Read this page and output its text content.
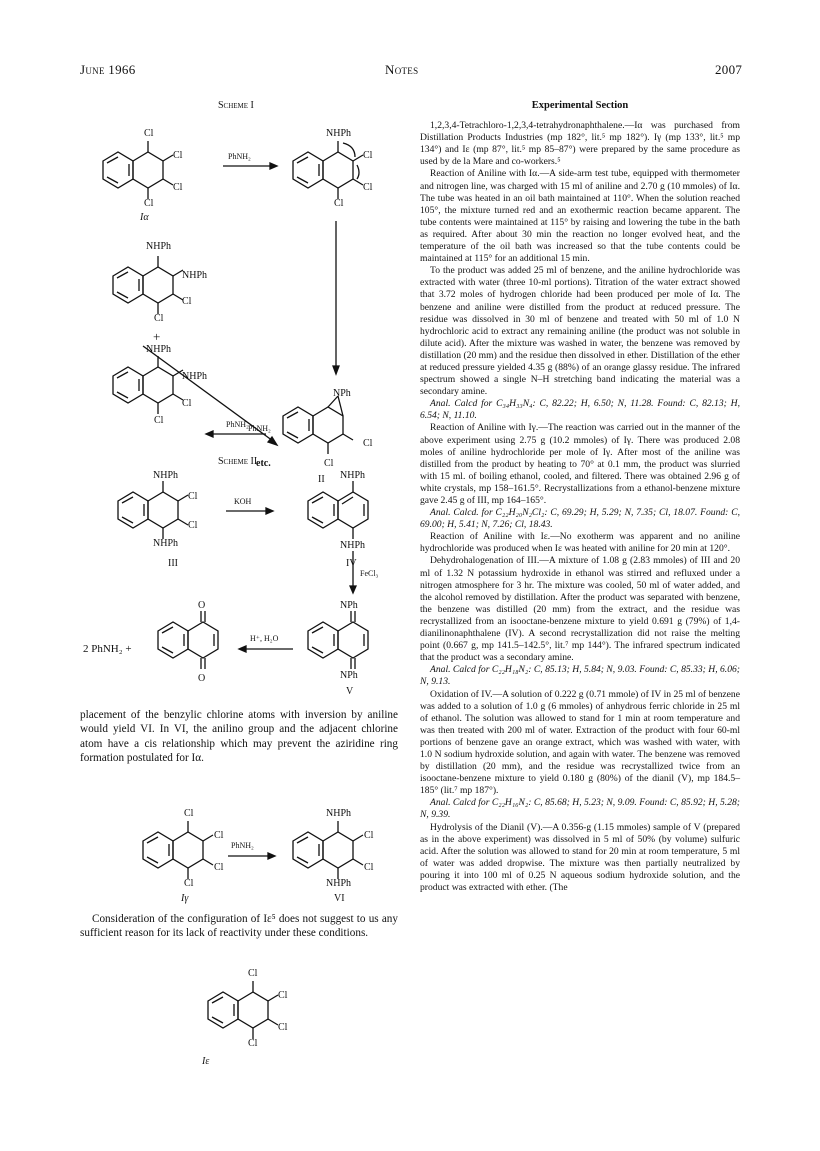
June 1966	Notes	2007
Scheme I
Cl
Cl
Cl
Cl
Iα
PhNH₂
NHPh
Cl
Cl
Cl
NHPh
NHPh
Cl
Cl
+
PhNH₂
NPh
Cl
Cl
II
NHPh
NHPh
Cl
Cl
PhNH₂
etc.
Scheme II
NHPh
Cl
Cl
NHPh
III
KOH
NHPh
NHPh
IV
FeCl₃
NPh
NPh
V
H⁺, H₂O
O
O
2 PhNH₂ +
Cl
Cl
Cl
Cl
Iγ
PhNH₂
NHPh
Cl
Cl
NHPh
VI
Cl
Cl
Cl
Cl

placement of the benzylic chlorine atoms with inversion by aniline would yield VI. In VI, the anilino group and the adjacent chlorine atom have a cis relationship which may prevent the aziridine ring formation postulated for Iα.

Consideration of the configuration of Iε⁵ does not suggest to us any sufficient reason for its lack of reactivity under these conditions.

Iε

Experimental Section

1,2,3,4-Tetrachloro-1,2,3,4-tetrahydronaphthalene.—Iα was purchased from Distillation Products Industries (mp 182°, lit.⁵ mp 182°). Iγ (mp 133°, lit.⁵ mp 134°) and Iε (mp 87°, lit.⁵ mp 85–87°) were prepared by the same procedure as used by de la Mare and co-workers.⁵

Reaction of Aniline with Iα.—A side-arm test tube, equipped with thermometer and nitrogen line, was charged with 15 ml of aniline and 2.70 g (10 mmoles) of Iα. The tube was heated in an oil bath maintained at 110°. When the solution reached 105°, the mixture turned red and an exothermic reaction became apparent. The tube contents were maintained at 115° by raising and lowering the tube in the bath as required. After about 30 min the reaction no longer evolved heat, and the temperature of the oil bath was increased so that the tube contents could be maintained at 115° for an additional 15 min.

To the product was added 25 ml of benzene, and the aniline hydrochloride was extracted with water (three 10-ml portions). Titration of the water extract showed that 3.72 moles of hydrogen chloride had been produced per mole of Iα. The benzene and aniline were distilled from the product at reduced pressure. The residue was dissolved in 30 ml of benzene and treated with 50 ml of 1.0 N hydrochloric acid to extract any remaining aniline (the product was not soluble in dilute acid). After the mixture was washed in water, the benzene was removed by distillation (20 mm) and the residue then dissolved in ether. Distillation of the ether at reduced pressure yielded 4.35 g (88%) of an orange glassy residue. The infrared spectrum showed a single N–H stretching band indicating the material was a secondary amine.

Anal. Calcd for C₃₄H₃₃N₄: C, 82.22; H, 6.50; N, 11.28. Found: C, 82.13; H, 6.54; N, 11.10.

Reaction of Aniline with Iγ.—The reaction was carried out in the manner of the above experiment using 2.75 g (10.2 mmoles) of Iγ. There was produced 2.08 moles of aniline hydrochloride per mole of Iγ. After most of the aniline was distilled from the product by heating to 70° at 0.1 mm, the product was slurried with 15 ml. of boiling ethanol, cooled, and filtered. There was obtained 2.96 g of white crystals, mp 158–161.5°. Recrystallizations from a ethanol-benzene mixture gave 2.45 g of III, mp 164–165°.

Anal. Calcd. for C₂₂H₂₀N₂Cl₂: C, 69.29; H, 5.29; N, 7.35; Cl, 18.07. Found: C, 69.00; H, 5.41; N, 7.26; Cl, 18.43.

Reaction of Aniline with Iε.—No exotherm was apparent and no aniline hydrochloride was produced when Iε was heated with aniline for 20 min at 120°.

Dehydrohalogenation of III.—A mixture of 1.08 g (2.83 mmoles) of III and 20 ml of 1.32 N potassium hydroxide in ethanol was stirred and refluxed under a nitrogen atmosphere for 3 hr. The mixture was cooled, 50 ml of water added, and the alcohol removed by distillation. After the product was separated with benzene, the benzene was distilled (20 mm) from the extract, and the residue was recrystallized from an isooctane-benzene mixture to yield 0.691 g (79%) of 1,4-dianilinonaphthalene (IV). A second recrystallization did not raise the melting point (0.667 g, mp 141.5–142.5°, lit.⁷ mp 144°). The infrared spectrum indicated that the product was a secondary amine.

Anal. Calcd for C₂₂H₁₈N₂: C, 85.13; H, 5.84; N, 9.03. Found: C, 85.33; H, 6.06; N, 9.13.

Oxidation of IV.—A solution of 0.222 g (0.71 mmole) of IV in 25 ml of benzene was added to a solution of 1.0 g (6 mmoles) of anhydrous ferric chloride in 25 ml of ethanol. The solution was allowed to stand for 1 min at room temperature and was then treated with 200 ml of water. Extraction of the product with four 60-ml portions of benzene gave an orange extract, which was washed with water, with 1.0 N sodium hydroxide solution, and again with water. The benzene was removed by distillation (20 mm), and the residue was recrystallized twice from an isooctane-benzene mixture to yield 0.180 g (80%) of the dianil (V), mp 184.5–185° (lit.⁷ mp 187°).

Anal. Calcd for C₂₂H₁₆N₂: C, 85.68; H, 5.23; N, 9.09. Found: C, 85.92; H, 5.28; N, 9.39.

Hydrolysis of the Dianil (V).—A 0.356-g (1.15 mmoles) sample of V (prepared as in the above experiment) was dissolved in 5 ml of 50% (by volume) sulfuric acid. After the solution was allowed to stand for 20 min at room temperature, 5 ml of water was added dropwise. The mixture was then partially neutralized by pouring it into 100 ml of 0.25 N aqueous sodium hydroxide solution, and the product was extracted with ether. (The
